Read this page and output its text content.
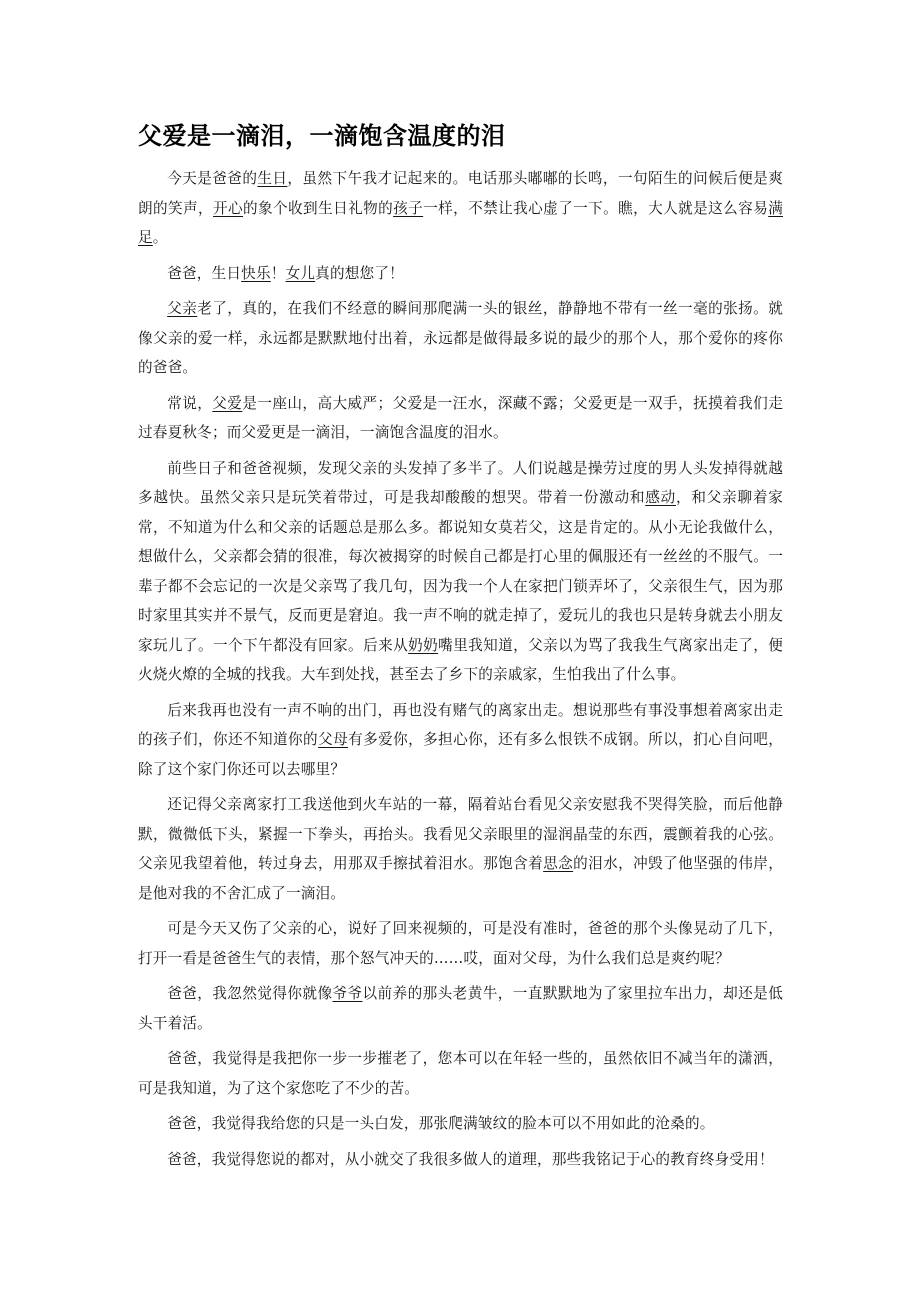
父爱是一滴泪，一滴饱含温度的泪

今天是爸爸的生日，虽然下午我才记起来的。电话那头嘟嘟的长鸣，一句陌生的问候后便是爽朗的笑声，开心的象个收到生日礼物的孩子一样，不禁让我心虚了一下。瞧，大人就是这么容易满足。

爸爸，生日快乐！女儿真的想您了！

父亲老了，真的，在我们不经意的瞬间那爬满一头的银丝，静静地不带有一丝一毫的张扬。就像父亲的爱一样，永远都是默默地付出着，永远都是做得最多说的最少的那个人，那个爱你的疼你的爸爸。

常说，父爱是一座山，高大威严；父爱是一汪水，深藏不露；父爱更是一双手，抚摸着我们走过春夏秋冬；而父爱更是一滴泪，一滴饱含温度的泪水。

前些日子和爸爸视频，发现父亲的头发掉了多半了。人们说越是操劳过度的男人头发掉得就越多越快。虽然父亲只是玩笑着带过，可是我却酸酸的想哭。带着一份激动和感动，和父亲聊着家常，不知道为什么和父亲的话题总是那么多。都说知女莫若父，这是肯定的。从小无论我做什么，想做什么，父亲都会猜的很准，每次被揭穿的时候自己都是打心里的佩服还有一丝丝的不服气。一辈子都不会忘记的一次是父亲骂了我几句，因为我一个人在家把门锁弄坏了，父亲很生气，因为那时家里其实并不景气，反而更是窘迫。我一声不响的就走掉了，爱玩儿的我也只是转身就去小朋友家玩儿了。一个下午都没有回家。后来从奶奶嘴里我知道，父亲以为骂了我我生气离家出走了，便火烧火燎的全城的找我。大车到处找，甚至去了乡下的亲戚家，生怕我出了什么事。

后来我再也没有一声不响的出门，再也没有赌气的离家出走。想说那些有事没事想着离家出走的孩子们，你还不知道你的父母有多爱你，多担心你，还有多么恨铁不成钢。所以，扪心自问吧，除了这个家门你还可以去哪里？

还记得父亲离家打工我送他到火车站的一幕，隔着站台看见父亲安慰我不哭得笑脸，而后他静默，微微低下头，紧握一下拳头，再抬头。我看见父亲眼里的湿润晶莹的东西，震颤着我的心弦。父亲见我望着他，转过身去，用那双手擦拭着泪水。那饱含着思念的泪水，冲毁了他坚强的伟岸，是他对我的不舍汇成了一滴泪。

可是今天又伤了父亲的心，说好了回来视频的，可是没有准时，爸爸的那个头像晃动了几下，打开一看是爸爸生气的表情，那个怒气冲天的……哎，面对父母，为什么我们总是爽约呢？

爸爸，我忽然觉得你就像爷爷以前养的那头老黄牛，一直默默地为了家里拉车出力，却还是低头干着活。

爸爸，我觉得是我把你一步一步摧老了，您本可以在年轻一些的，虽然依旧不减当年的潇洒，可是我知道，为了这个家您吃了不少的苦。

爸爸，我觉得我给您的只是一头白发，那张爬满皱纹的脸本可以不用如此的沧桑的。

爸爸，我觉得您说的都对，从小就交了我很多做人的道理，那些我铭记于心的教育终身受用！
